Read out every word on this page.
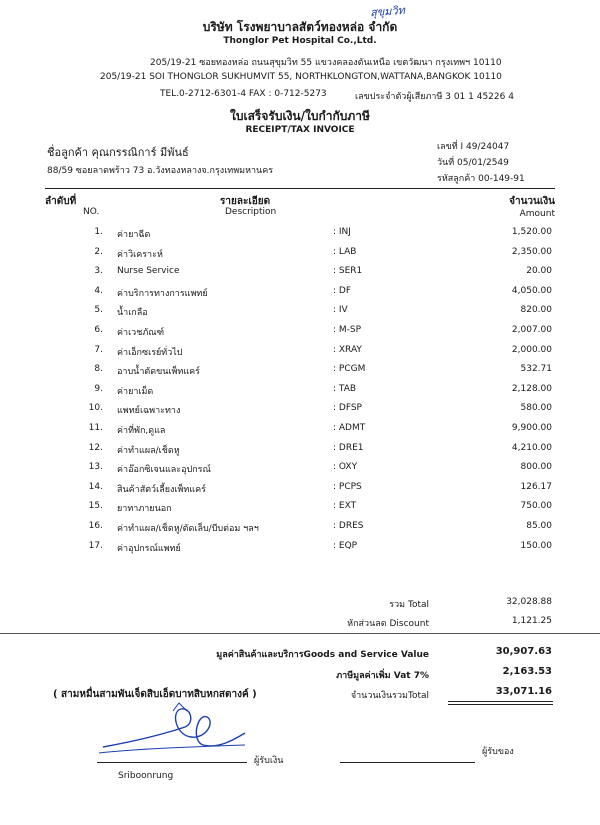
สุขุมวิท
บริษัท โรงพยาบาลสัตว์ทองหล่อ จำกัด
Thonglor Pet Hospital Co.,Ltd.
205/19-21 ซอยทองหล่อ ถนนสุขุมวิท 55 แขวงคลองตันเหนือ เขตวัฒนา กรุงเทพฯ 10110
205/19-21 SOI THONGLOR SUKHUMVIT 55, NORTHKLONGTON,WATTANA,BANGKOK 10110
TEL.0-2712-6301-4 FAX : 0-712-5273	เลขประจำตัวผู้เสียภาษี 3 01 1 45226 4
ใบเสร็จรับเงิน/ใบกำกับภาษี
RECEIPT/TAX INVOICE
ชื่อลูกค้า คุณกรรณิการ์ มีพันธ์
88/59 ซอยลาดพร้าว 73 อ.วังทองหลางจ.กรุงเทพมหานคร
เลขที่ I 49/24047
วันที่ 05/01/2549
รหัสลูกค้า 00-149-91
ลำดับที่
NO.
รายละเอียด
Description
จำนวนเงิน
Amount
1. ค่ายาฉีด	: INJ	1,520.00
2. ค่าวิเคราะห์	: LAB	2,350.00
3. Nurse Service	: SER1	20.00
4. ค่าบริการทางการแพทย์	: DF	4,050.00
5. น้ำเกลือ	: IV	820.00
6. ค่าเวชภัณฑ์	: M-SP	2,007.00
7. ค่าเอ็กซเรย์ทั่วไป	: XRAY	2,000.00
8. อาบน้ำตัดขนเพ็ทแคร์	: PCGM	532.71
9. ค่ายาเม็ด	: TAB	2,128.00
10. แพทย์เฉพาะทาง	: DFSP	580.00
11. ค่าที่พัก,ดูแล	: ADMT	9,900.00
12. ค่าทำแผล/เช็ดหู	: DRE1	4,210.00
13. ค่าอ๊อกซิเจนและอุปกรณ์	: OXY	800.00
14. สินค้าสัตว์เลี้ยงเพ็ทแคร์	: PCPS	126.17
15. ยาทาภายนอก	: EXT	750.00
16. ค่าทำแผล/เช็ดหู/ตัดเล็บ/บีบต่อม ฯลฯ	: DRES	85.00
17. ค่าอุปกรณ์แพทย์	: EQP	150.00
รวม Total	32,028.88
หักส่วนลด Discount	1,121.25
มูลค่าสินค้าและบริการGoods and Service Value	30,907.63
ภาษีมูลค่าเพิ่ม Vat 7%	2,163.53
( สามหมื่นสามพันเจ็ดสิบเอ็ดบาทสิบหกสตางค์ )	จำนวนเงินรวมTotal	33,071.16
ผู้รับเงิน
Sriboonrung
ผู้รับของ
